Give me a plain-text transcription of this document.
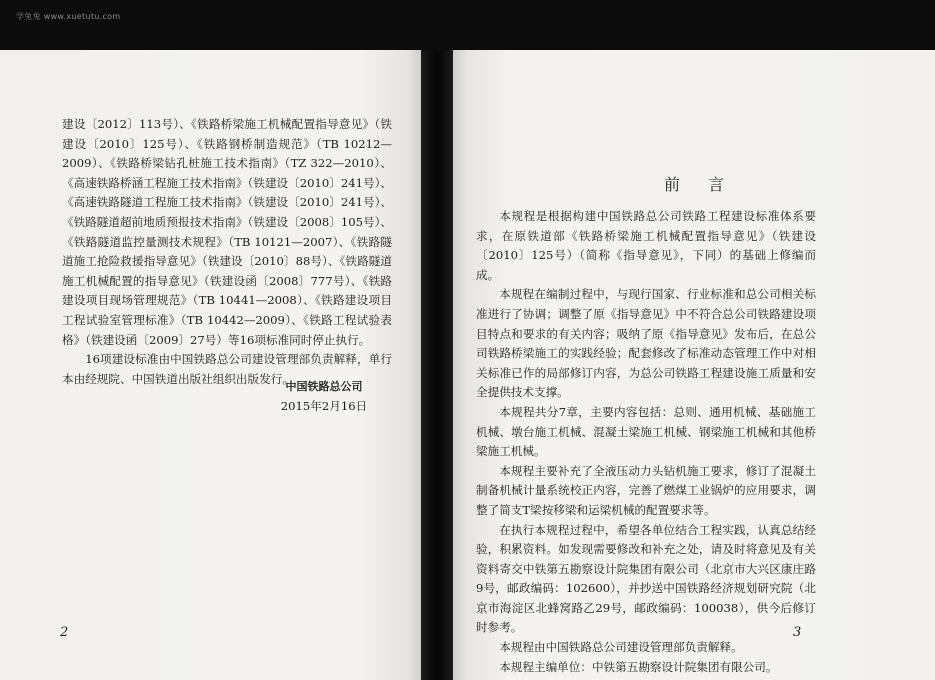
学兔兔 www.xuetutu.com

建设〔2012〕113号）、《铁路桥梁施工机械配置指导意见》（铁建设〔2010〕125号）、《铁路钢桥制造规范》（TB 10212—2009）、《铁路桥梁钻孔桩施工技术指南》（TZ 322—2010）、《高速铁路桥涵工程施工技术指南》（铁建设〔2010〕241号）、《高速铁路隧道工程施工技术指南》（铁建设〔2010〕241号）、《铁路隧道超前地质预报技术指南》（铁建设〔2008〕105号）、《铁路隧道监控量测技术规程》（TB 10121—2007）、《铁路隧道施工抢险救援指导意见》（铁建设〔2010〕88号）、《铁路隧道施工机械配置的指导意见》（铁建设函〔2008〕777号）、《铁路建设项目现场管理规范》（TB 10441—2008）、《铁路建设项目工程试验室管理标准》（TB 10442—2009）、《铁路工程试验表格》（铁建设函〔2009〕27号）等16项标准同时停止执行。

16项建设标准由中国铁路总公司建设管理部负责解释，单行本由经规院、中国铁道出版社组织出版发行。

中国铁路总公司
2015年2月16日
2
前言

本规程是根据构建中国铁路总公司铁路工程建设标准体系要求，在原铁道部《铁路桥梁施工机械配置指导意见》（铁建设〔2010〕125号）（简称《指导意见》，下同）的基础上修编而成。

本规程在编制过程中，与现行国家、行业标准和总公司相关标准进行了协调；调整了原《指导意见》中不符合总公司铁路建设项目特点和要求的有关内容；吸纳了原《指导意见》发布后，在总公司铁路桥梁施工的实践经验；配套修改了标准动态管理工作中对相关标准已作的局部修订内容，为总公司铁路工程建设施工质量和安全提供技术支撑。

本规程共分7章，主要内容包括：总则、通用机械、基础施工机械、墩台施工机械、混凝土梁施工机械、钢梁施工机械和其他桥梁施工机械。

本规程主要补充了全液压动力头钻机施工要求，修订了混凝土制备机械计量系统校正内容，完善了燃煤工业锅炉的应用要求，调整了简支T梁按移梁和运梁机械的配置要求等。

在执行本规程过程中，希望各单位结合工程实践，认真总结经验，积累资料。如发现需要修改和补充之处，请及时将意见及有关资料寄交中铁第五勘察设计院集团有限公司（北京市大兴区康庄路9号，邮政编码：102600），并抄送中国铁路经济规划研究院（北京市海淀区北蜂窝路乙29号，邮政编码：100038），供今后修订时参考。

本规程由中国铁路总公司建设管理部负责解释。

本规程主编单位：中铁第五勘察设计院集团有限公司。

3
